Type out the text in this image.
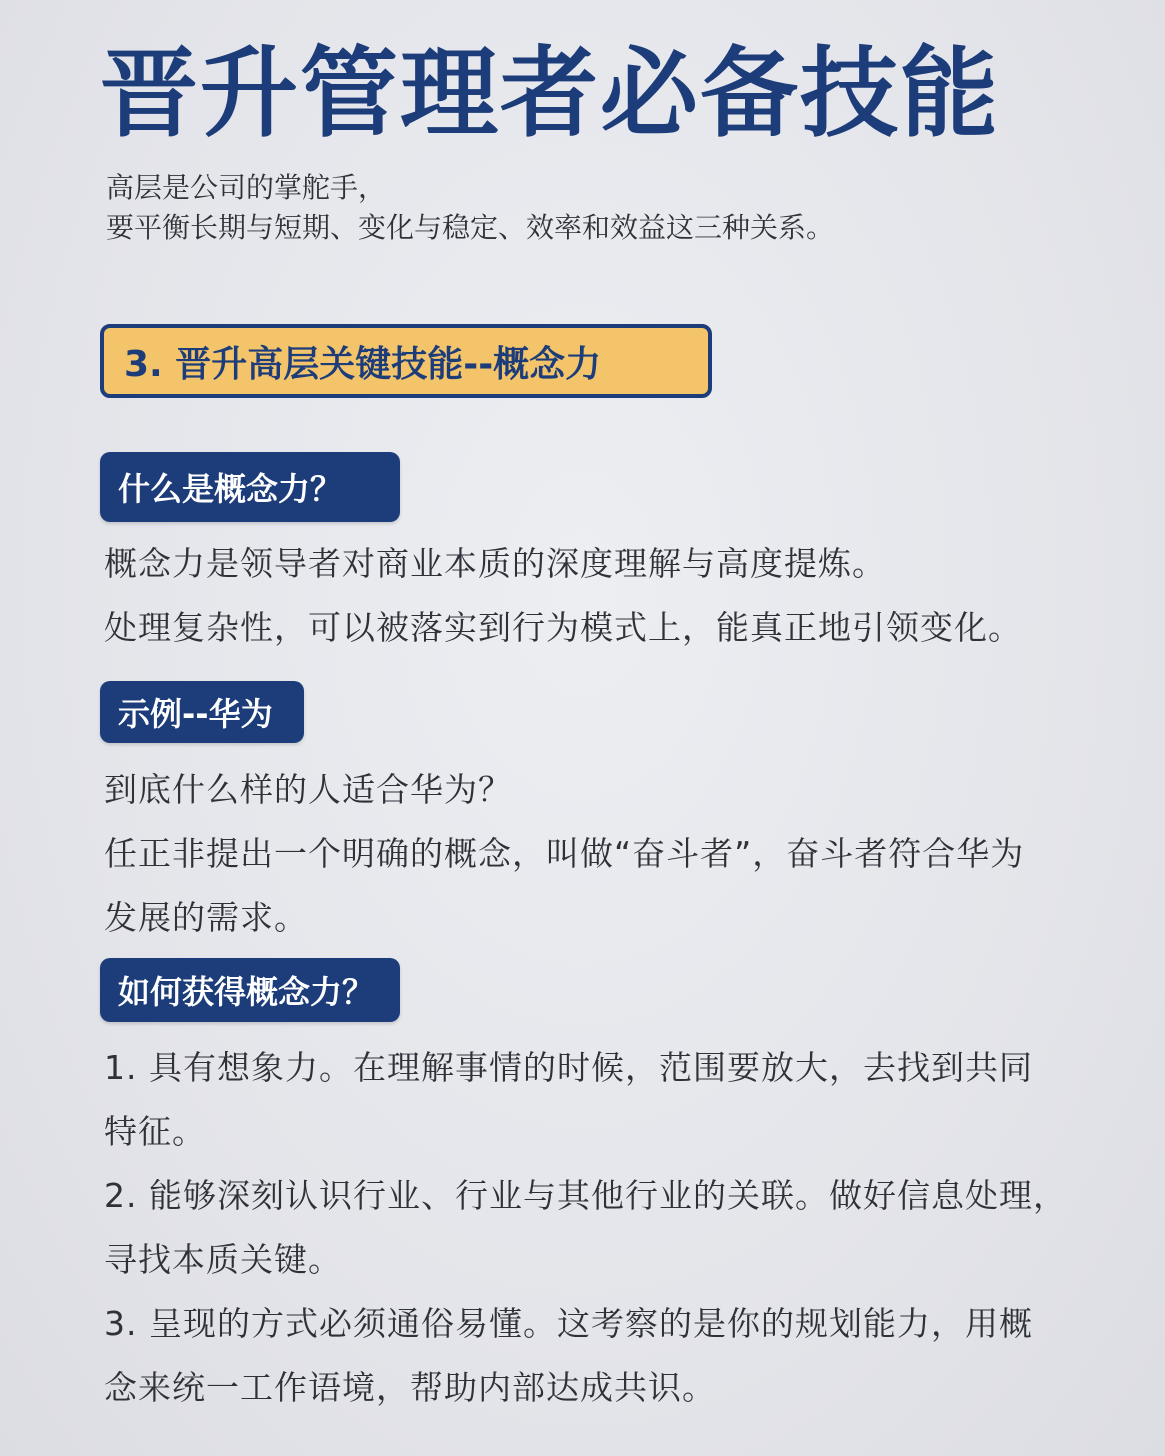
晋升管理者必备技能
高层是公司的掌舵手，
要平衡长期与短期、变化与稳定、效率和效益这三种关系。
3. 晋升高层关键技能--概念力
什么是概念力？
概念力是领导者对商业本质的深度理解与高度提炼。
处理复杂性，可以被落实到行为模式上，能真正地引领变化。
示例--华为
到底什么样的人适合华为？
任正非提出一个明确的概念，叫做“奋斗者”，奋斗者符合华为
发展的需求。
如何获得概念力？
1. 具有想象力。在理解事情的时候，范围要放大，去找到共同
特征。
2. 能够深刻认识行业、行业与其他行业的关联。做好信息处理，
寻找本质关键。
3. 呈现的方式必须通俗易懂。这考察的是你的规划能力，用概
念来统一工作语境，帮助内部达成共识。
